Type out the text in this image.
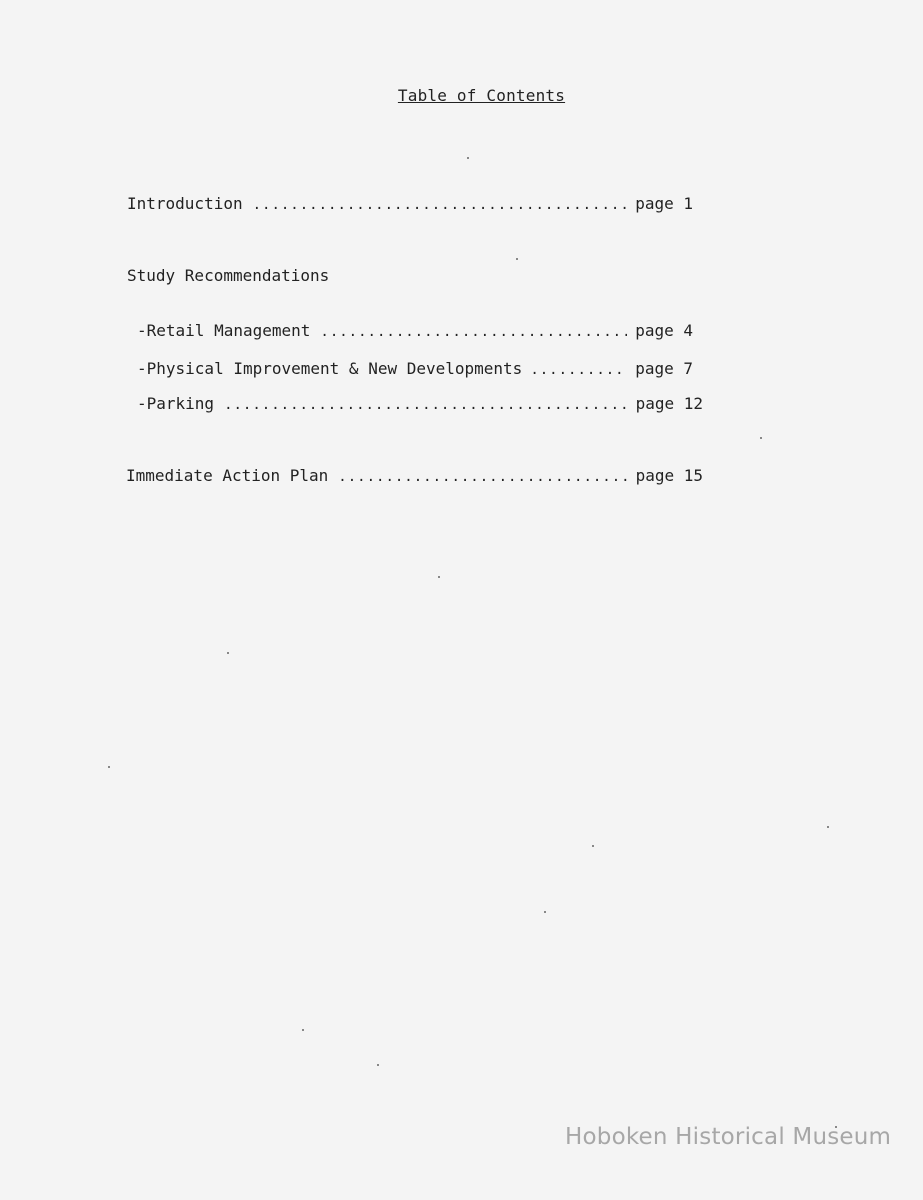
Table of Contents
Introduction .....	page 1
Study Recommendations
-Retail Management .....	page 4
-Physical Improvement & New Developments .....	page 7
-Parking .....	page 12
Immediate Action Plan .....	page 15
Hoboken Historical Museum
